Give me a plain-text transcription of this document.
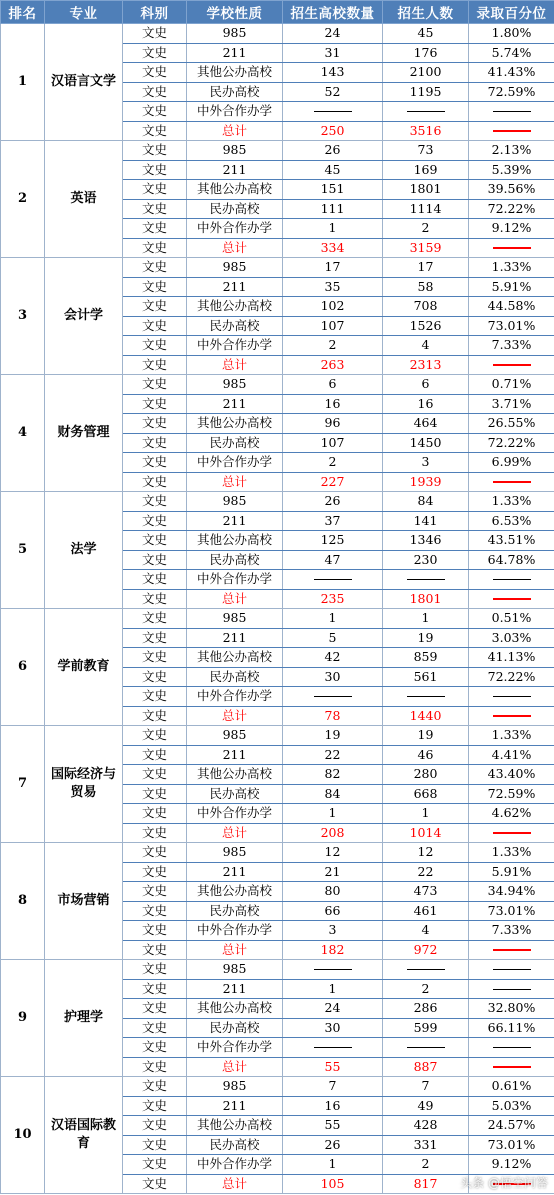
排名	专业	科别	学校性质	招生高校数量	招生人数	录取百分位
1	汉语言文学	文史	985	24	45	1.80%
		文史	211	31	176	5.74%
		文史	其他公办高校	143	2100	41.43%
		文史	民办高校	52	1195	72.59%
		文史	中外合作办学			
		文史	总计	250	3516	
2	英语	文史	985	26	73	2.13%
		文史	211	45	169	5.39%
		文史	其他公办高校	151	1801	39.56%
		文史	民办高校	111	1114	72.22%
		文史	中外合作办学	1	2	9.12%
		文史	总计	334	3159	
3	会计学	文史	985	17	17	1.33%
		文史	211	35	58	5.91%
		文史	其他公办高校	102	708	44.58%
		文史	民办高校	107	1526	73.01%
		文史	中外合作办学	2	4	7.33%
		文史	总计	263	2313	
4	财务管理	文史	985	6	6	0.71%
		文史	211	16	16	3.71%
		文史	其他公办高校	96	464	26.55%
		文史	民办高校	107	1450	72.22%
		文史	中外合作办学	2	3	6.99%
		文史	总计	227	1939	
5	法学	文史	985	26	84	1.33%
		文史	211	37	141	6.53%
		文史	其他公办高校	125	1346	43.51%
		文史	民办高校	47	230	64.78%
		文史	中外合作办学			
		文史	总计	235	1801	
6	学前教育	文史	985	1	1	0.51%
		文史	211	5	19	3.03%
		文史	其他公办高校	42	859	41.13%
		文史	民办高校	30	561	72.22%
		文史	中外合作办学			
		文史	总计	78	1440	
7	国际经济与贸易	文史	985	19	19	1.33%
		文史	211	22	46	4.41%
		文史	其他公办高校	82	280	43.40%
		文史	民办高校	84	668	72.59%
		文史	中外合作办学	1	1	4.62%
		文史	总计	208	1014	
8	市场营销	文史	985	12	12	1.33%
		文史	211	21	22	5.91%
		文史	其他公办高校	80	473	34.94%
		文史	民办高校	66	461	73.01%
		文史	中外合作办学	3	4	7.33%
		文史	总计	182	972	
9	护理学	文史	985			
		文史	211	1	2	
		文史	其他公办高校	24	286	32.80%
		文史	民办高校	30	599	66.11%
		文史	中外合作办学			
		文史	总计	55	887	
10	汉语国际教育	文史	985	7	7	0.61%
		文史	211	16	49	5.03%
		文史	其他公办高校	55	428	24.57%
		文史	民办高校	26	331	73.01%
		文史	中外合作办学	1	2	9.12%
		文史	总计	105	817	头条 @悟空问答
